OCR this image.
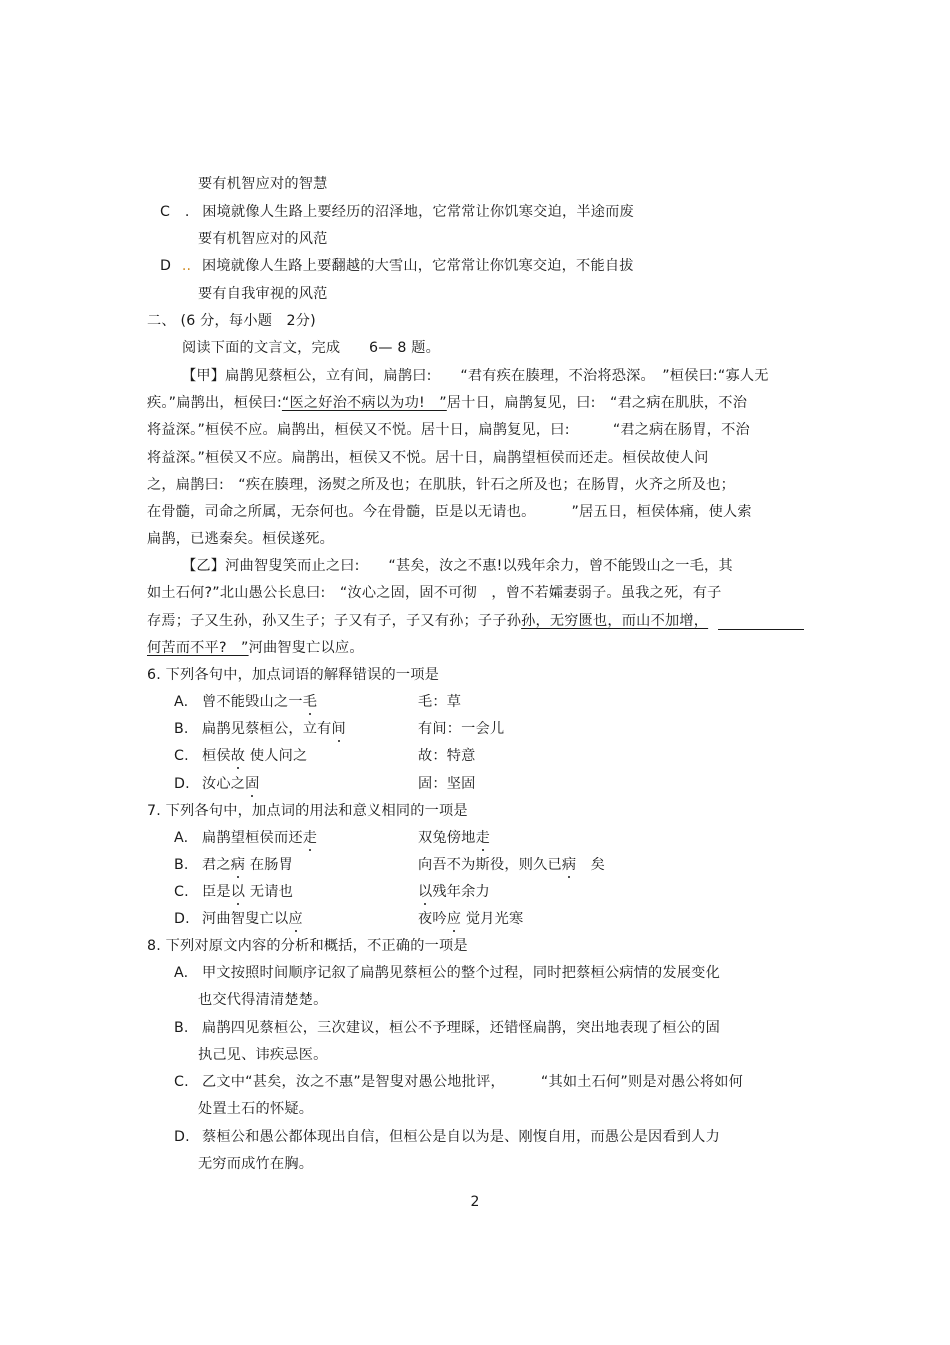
要有机智应对的智慧
C . 困境就像人生路上要经历的沼泽地，它常常让你饥寒交迫，半途而废
要有机智应对的风范
D .. 困境就像人生路上要翻越的大雪山，它常常让你饥寒交迫，不能自拔
要有自我审视的风范
二、 (6 分，每小题　2分)
阅读下面的文言文，完成　　6— 8 题。
【甲】扁鹊见蔡桓公，立有间，扁鹊曰:　　“君有疾在腠理，不治将恐深。　”桓侯曰:“寡人无
疾。”扁鹊出，桓侯曰:“医之好治不病以为功!　”居十日，扁鹊复见，曰:　“君之病在肌肤，不治
将益深。”桓侯不应。扁鹊出，桓侯又不悦。居十日，扁鹊复见，曰:　　　“君之病在肠胃，不治
将益深。”桓侯又不应。扁鹊出，桓侯又不悦。居十日，扁鹊望桓侯而还走。桓侯故使人问
之，扁鹊曰:　“疾在腠理，汤熨之所及也；在肌肤，针石之所及也；在肠胃，火齐之所及也；
在骨髓，司命之所属，无奈何也。今在骨髓，臣是以无请也。　　　”居五日，桓侯体痛，使人索
扁鹊，已逃秦矣。桓侯遂死。
【乙】河曲智叟笑而止之曰:　　“甚矣，汝之不惠!以残年余力，曾不能毁山之一毛，其
如土石何?”北山愚公长息曰:　“汝心之固，固不可彻　，曾不若孀妻弱子。虽我之死，有子
存焉；子又生孙，孙又生子；子又有子，子又有孙；子子孙孙，无穷匮也，而山不加增，
何苦而不平?　”河曲智叟亡以应。
6. 下列各句中，加点词语的解释错误的一项是
A. 曾不能毁山之一毛	毛：草
B. 扁鹊见蔡桓公，立有间	有间：一会儿
C. 桓侯故 使人问之	故：特意
D. 汝心之固	固：坚固
7. 下列各句中，加点词的用法和意义相同的一项是
A. 扁鹊望桓侯而还走	双兔傍地走
B. 君之病 在肠胃	向吾不为斯役，则久已病　矣
C. 臣是以 无请也	以残年余力
D. 河曲智叟亡以应	夜吟应 觉月光寒
8. 下列对原文内容的分析和概括，不正确的一项是
A. 甲文按照时间顺序记叙了扁鹊见蔡桓公的整个过程，同时把蔡桓公病情的发展变化
也交代得清清楚楚。
B. 扁鹊四见蔡桓公，三次建议，桓公不予理睬，还错怪扁鹊，突出地表现了桓公的固
执己见、讳疾忌医。
C. 乙文中“甚矣，汝之不惠”是智叟对愚公地批评，　　　“其如土石何”则是对愚公将如何
处置土石的怀疑。
D. 蔡桓公和愚公都体现出自信，但桓公是自以为是、刚愎自用，而愚公是因看到人力
无穷而成竹在胸。
2
